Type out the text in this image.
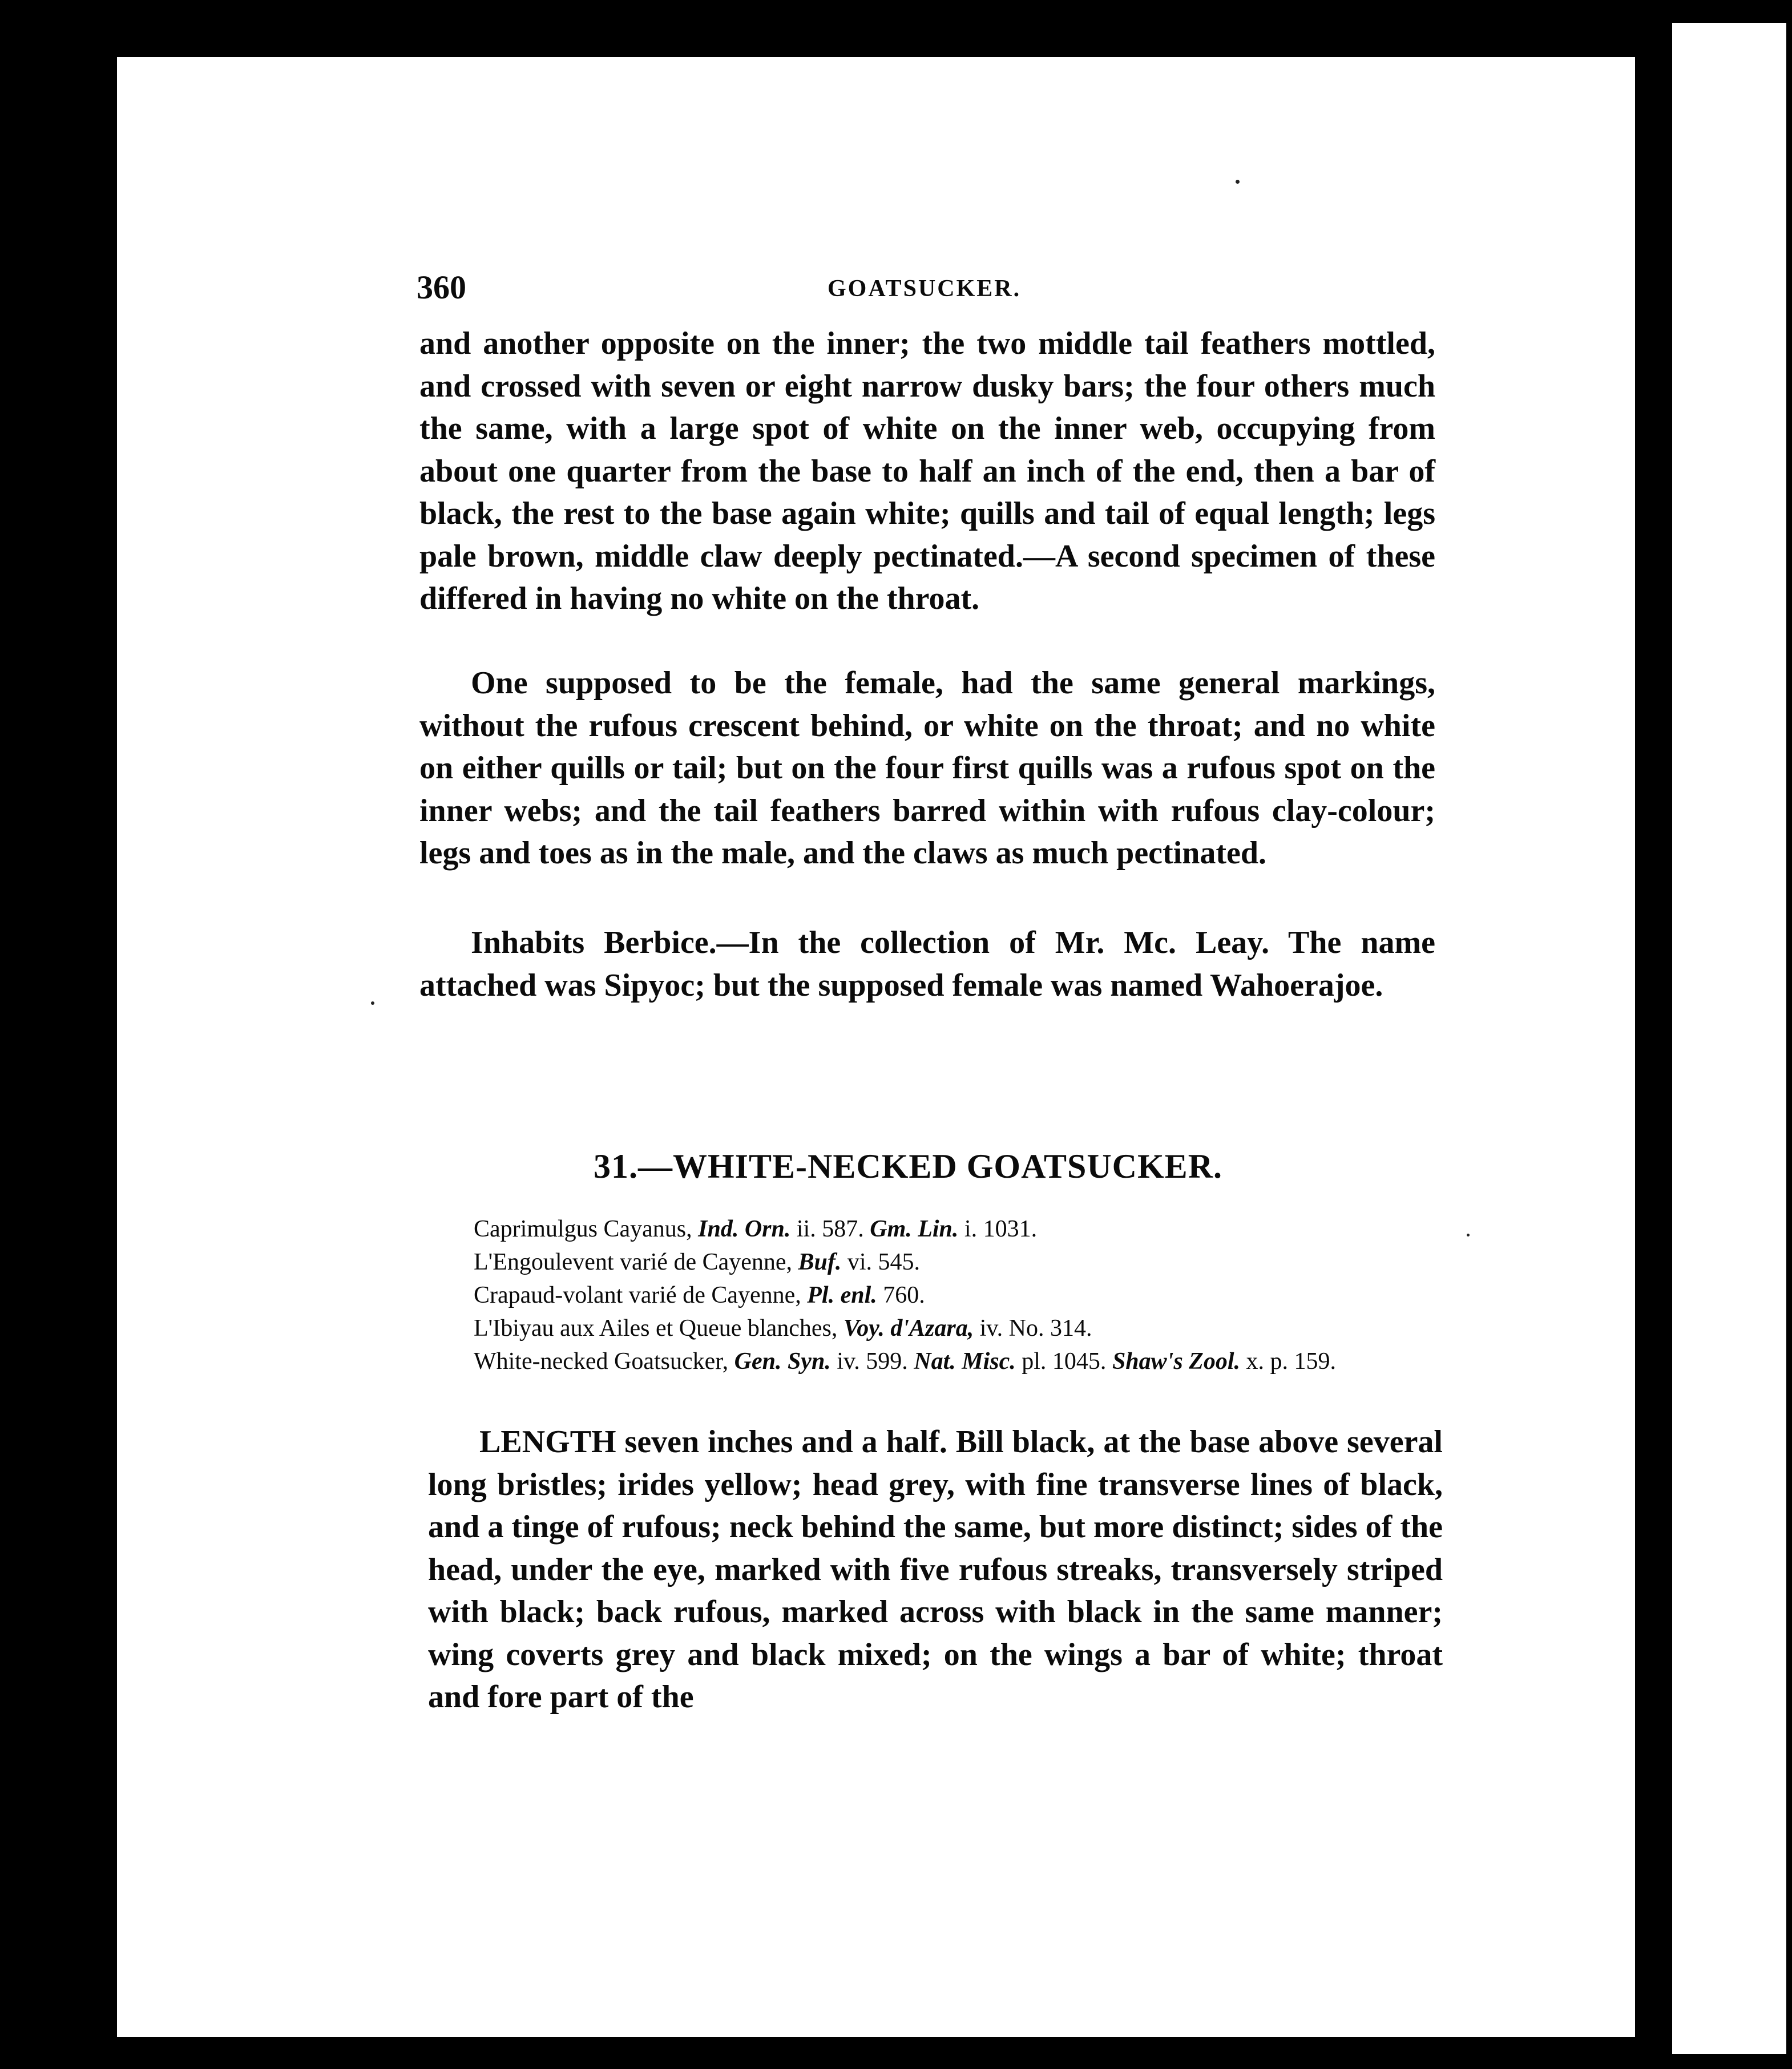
360	GOATSUCKER.

and another opposite on the inner; the two middle tail feathers mottled, and crossed with seven or eight narrow dusky bars; the four others much the same, with a large spot of white on the inner web, occupying from about one quarter from the base to half an inch of the end, then a bar of black, the rest to the base again white; quills and tail of equal length; legs pale brown, middle claw deeply pectinated.—A second specimen of these differed in having no white on the throat.

One supposed to be the female, had the same general markings, without the rufous crescent behind, or white on the throat; and no white on either quills or tail; but on the four first quills was a rufous spot on the inner webs; and the tail feathers barred within with rufous clay-colour; legs and toes as in the male, and the claws as much pectinated.

Inhabits Berbice.—In the collection of Mr. Mc. Leay. The name attached was Sipyoc; but the supposed female was named Wahoerajoe.

31.—WHITE-NECKED GOATSUCKER.
Caprimulgus Cayanus, Ind. Orn. ii. 587. Gm. Lin. i. 1031.
L'Engoulevent varié de Cayenne, Buf. vi. 545.
Crapaud-volant varié de Cayenne, Pl. enl. 760.
L'Ibiyau aux Ailes et Queue blanches, Voy. d'Azara, iv. No. 314.
White-necked Goatsucker, Gen. Syn. iv. 599. Nat. Misc. pl. 1045. Shaw's Zool. x. p. 159.

LENGTH seven inches and a half. Bill black, at the base above several long bristles; irides yellow; head grey, with fine transverse lines of black, and a tinge of rufous; neck behind the same, but more distinct; sides of the head, under the eye, marked with five rufous streaks, transversely striped with black; back rufous, marked across with black in the same manner; wing coverts grey and black mixed; on the wings a bar of white; throat and fore part of the
